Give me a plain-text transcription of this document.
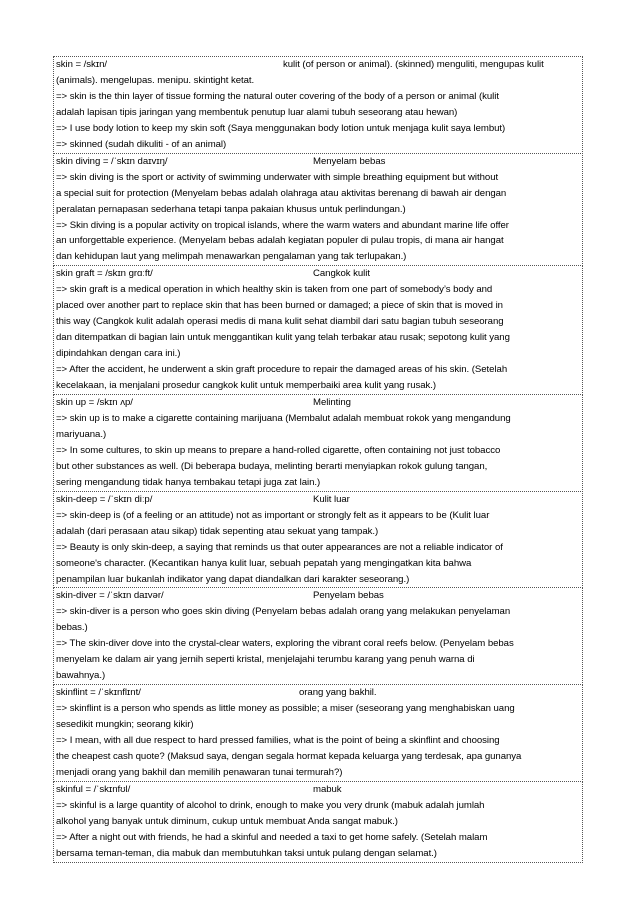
skin = /skɪn/	kulit (of person or animal). (skinned) menguliti, mengupas kulit
(animals). mengelupas. menipu. skintight ketat.
=> skin is the thin layer of tissue forming the natural outer covering of the body of a person or animal (kulit
adalah lapisan tipis jaringan yang membentuk penutup luar alami tubuh seseorang atau hewan)
=> I use body lotion to keep my skin soft (Saya menggunakan body lotion untuk menjaga kulit saya lembut)
=> skinned (sudah dikuliti - of an animal)
skin diving = /ˈskɪn daɪvɪŋ/	Menyelam bebas
=> skin diving is the sport or activity of swimming underwater with simple breathing equipment but without
a special suit for protection (Menyelam bebas adalah olahraga atau aktivitas berenang di bawah air dengan
peralatan pernapasan sederhana tetapi tanpa pakaian khusus untuk perlindungan.)
=> Skin diving is a popular activity on tropical islands, where the warm waters and abundant marine life offer
an unforgettable experience. (Menyelam bebas adalah kegiatan populer di pulau tropis, di mana air hangat
dan kehidupan laut yang melimpah menawarkan pengalaman yang tak terlupakan.)
skin graft = /skɪn grɑːft/	Cangkok kulit
=> skin graft is a medical operation in which healthy skin is taken from one part of somebody’s body and
placed over another part to replace skin that has been burned or damaged; a piece of skin that is moved in
this way (Cangkok kulit adalah operasi medis di mana kulit sehat diambil dari satu bagian tubuh seseorang
dan ditempatkan di bagian lain untuk menggantikan kulit yang telah terbakar atau rusak; sepotong kulit yang
dipindahkan dengan cara ini.)
=> After the accident, he underwent a skin graft procedure to repair the damaged areas of his skin. (Setelah
kecelakaan, ia menjalani prosedur cangkok kulit untuk memperbaiki area kulit yang rusak.)
skin up = /skɪn ʌp/	Melinting
=> skin up is to make a cigarette containing marijuana (Membalut adalah membuat rokok yang mengandung
mariyuana.)
=> In some cultures, to skin up means to prepare a hand-rolled cigarette, often containing not just tobacco
but other substances as well. (Di beberapa budaya, melinting berarti menyiapkan rokok gulung tangan,
sering mengandung tidak hanya tembakau tetapi juga zat lain.)
skin-deep = /ˈskɪn diːp/	Kulit luar
=> skin-deep is (of a feeling or an attitude) not as important or strongly felt as it appears to be (Kulit luar
adalah (dari perasaan atau sikap) tidak sepenting atau sekuat yang tampak.)
=> Beauty is only skin-deep, a saying that reminds us that outer appearances are not a reliable indicator of
someone's character. (Kecantikan hanya kulit luar, sebuah pepatah yang mengingatkan kita bahwa
penampilan luar bukanlah indikator yang dapat diandalkan dari karakter seseorang.)
skin-diver = /ˈskɪn daɪvər/	Penyelam bebas
=> skin-diver is a person who goes skin diving (Penyelam bebas adalah orang yang melakukan penyelaman
bebas.)
=> The skin-diver dove into the crystal-clear waters, exploring the vibrant coral reefs below. (Penyelam bebas
menyelam ke dalam air yang jernih seperti kristal, menjelajahi terumbu karang yang penuh warna di
bawahnya.)
skinflint = /ˈskɪnflɪnt/	orang yang bakhil.
=> skinflint is a person who spends as little money as possible; a miser (seseorang yang menghabiskan uang
sesedikit mungkin; seorang kikir)
=> I mean, with all due respect to hard pressed families, what is the point of being a skinflint and choosing
the cheapest cash quote? (Maksud saya, dengan segala hormat kepada keluarga yang terdesak, apa gunanya
menjadi orang yang bakhil dan memilih penawaran tunai termurah?)
skinful = /ˈskɪnfʊl/	mabuk
=> skinful is a large quantity of alcohol to drink, enough to make you very drunk (mabuk adalah jumlah
alkohol yang banyak untuk diminum, cukup untuk membuat Anda sangat mabuk.)
=> After a night out with friends, he had a skinful and needed a taxi to get home safely. (Setelah malam
bersama teman-teman, dia mabuk dan membutuhkan taksi untuk pulang dengan selamat.)
